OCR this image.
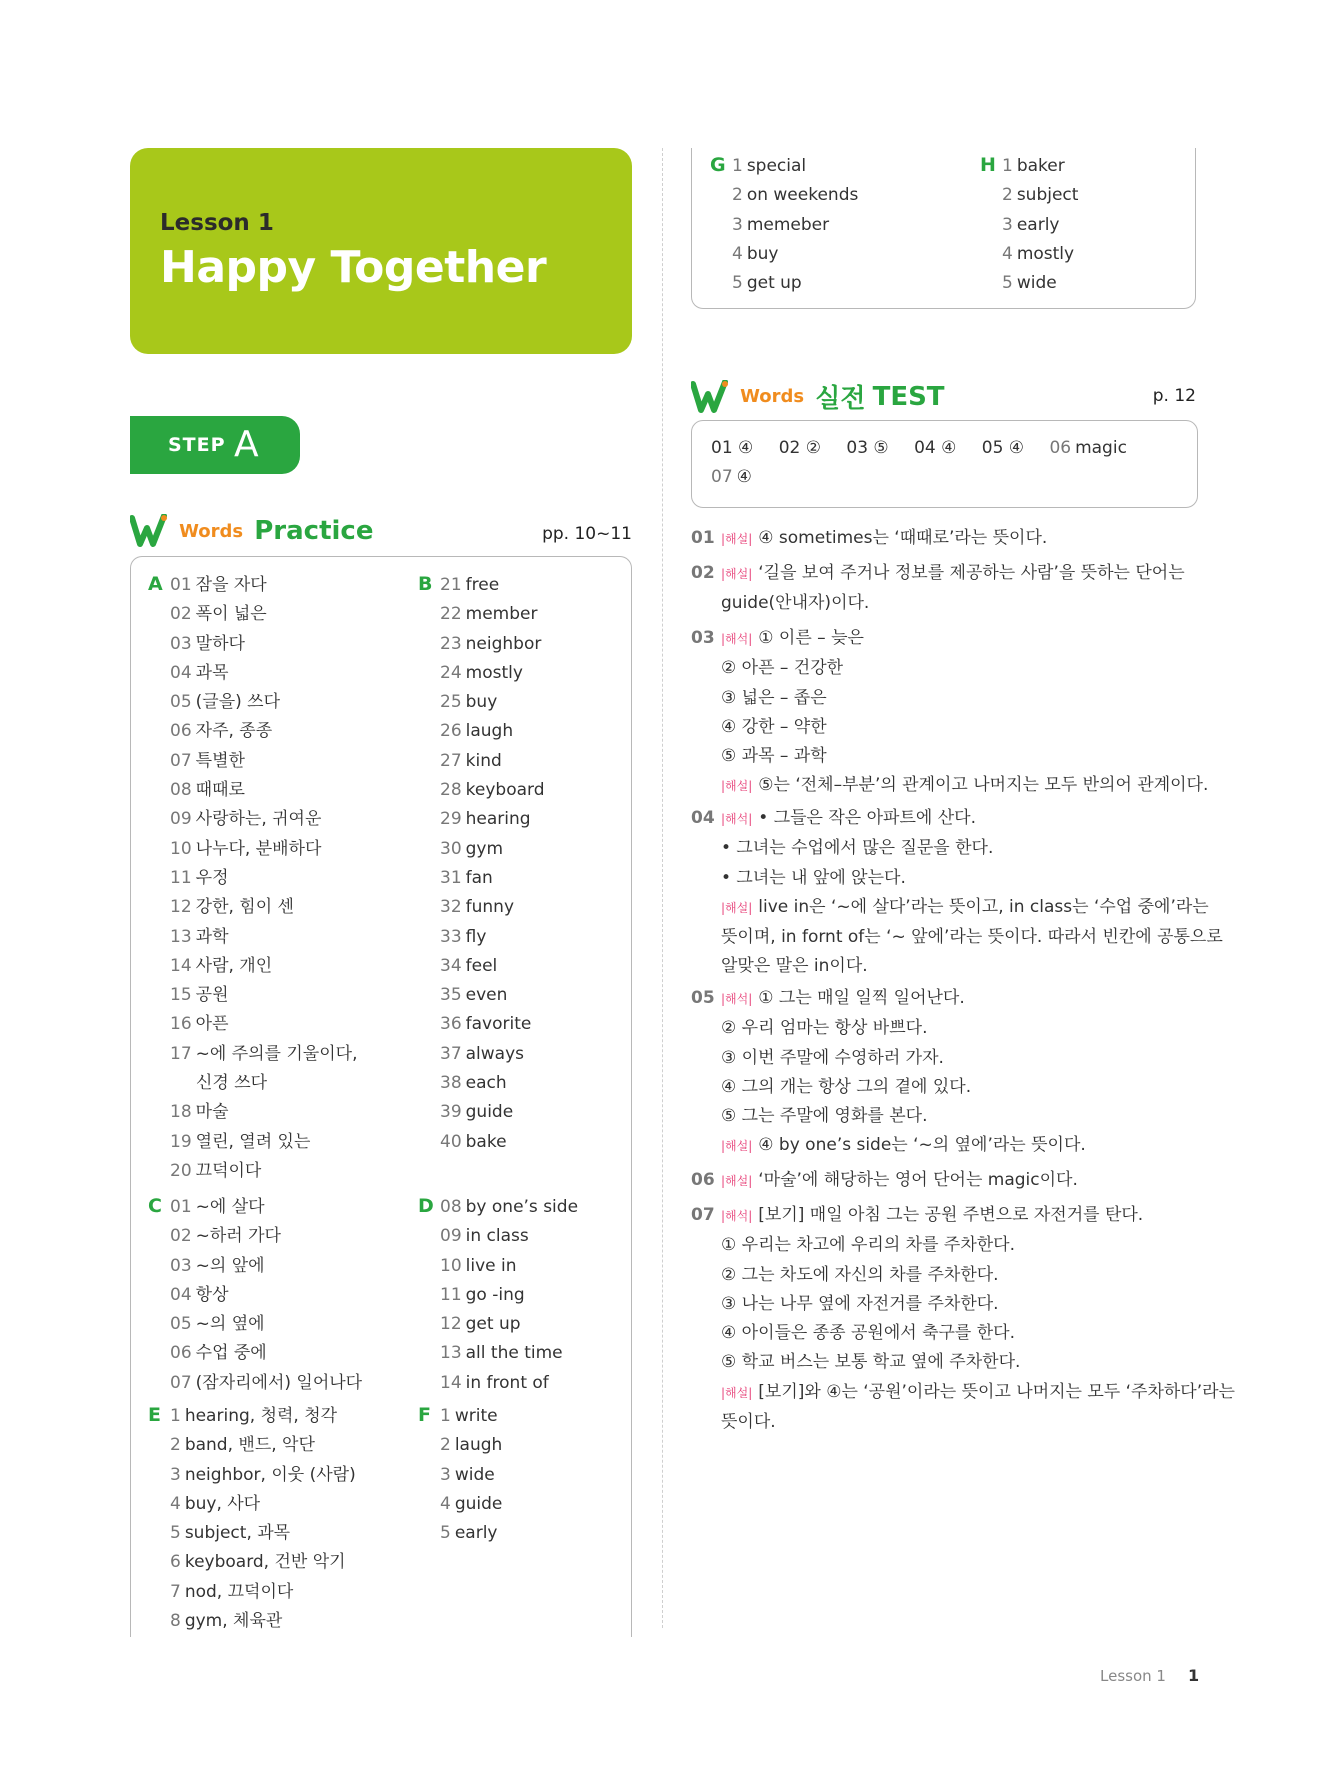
Lesson 1
Happy Together
STEP A
Words Practice	pp. 10~11
A 01 잠을 자다
02 폭이 넓은
03 말하다
04 과목
05 (글을) 쓰다
06 자주, 종종
07 특별한
08 때때로
09 사랑하는, 귀여운
10 나누다, 분배하다
11 우정
12 강한, 힘이 센
13 과학
14 사람, 개인
15 공원
16 아픈
17 ~에 주의를 기울이다,
신경 쓰다
18 마술
19 열린, 열려 있는
20 끄덕이다
B 21 free
22 member
23 neighbor
24 mostly
25 buy
26 laugh
27 kind
28 keyboard
29 hearing
30 gym
31 fan
32 funny
33 fly
34 feel
35 even
36 favorite
37 always
38 each
39 guide
40 bake
C 01 ~에 살다
02 ~하러 가다
03 ~의 앞에
04 항상
05 ~의 옆에
06 수업 중에
07 (잠자리에서) 일어나다
D 08 by one’s side
09 in class
10 live in
11 go -ing
12 get up
13 all the time
14 in front of
E 1 hearing, 청력, 청각
2 band, 밴드, 악단
3 neighbor, 이웃 (사람)
4 buy, 사다
5 subject, 과목
6 keyboard, 건반 악기
7 nod, 끄덕이다
8 gym, 체육관
F 1 write
2 laugh
3 wide
4 guide
5 early
G 1 special
2 on weekends
3 memeber
4 buy
5 get up
H 1 baker
2 subject
3 early
4 mostly
5 wide
Words 실전 TEST	p. 12
01 ④ 02 ② 03 ⑤ 04 ④ 05 ④ 06 magic
07 ④
01 |해설| ④ sometimes는 ‘때때로’라는 뜻이다.
02 |해설| ‘길을 보여 주거나 정보를 제공하는 사람’을 뜻하는 단어는
guide(안내자)이다.
03 |해석| ① 이른 – 늦은
② 아픈 – 건강한
③ 넓은 – 좁은
④ 강한 – 약한
⑤ 과목 – 과학
|해설| ⑤는 ‘전체–부분’의 관계이고 나머지는 모두 반의어 관계이다.
04 |해석| • 그들은 작은 아파트에 산다.
• 그녀는 수업에서 많은 질문을 한다.
• 그녀는 내 앞에 앉는다.
|해설| live in은 ‘~에 살다’라는 뜻이고, in class는 ‘수업 중에’라는
뜻이며, in fornt of는 ‘~ 앞에’라는 뜻이다. 따라서 빈칸에 공통으로
알맞은 말은 in이다.
05 |해석| ① 그는 매일 일찍 일어난다.
② 우리 엄마는 항상 바쁘다.
③ 이번 주말에 수영하러 가자.
④ 그의 개는 항상 그의 곁에 있다.
⑤ 그는 주말에 영화를 본다.
|해설| ④ by one’s side는 ‘~의 옆에’라는 뜻이다.
06 |해설| ‘마술’에 해당하는 영어 단어는 magic이다.
07 |해석| [보기] 매일 아침 그는 공원 주변으로 자전거를 탄다.
① 우리는 차고에 우리의 차를 주차한다.
② 그는 차도에 자신의 차를 주차한다.
③ 나는 나무 옆에 자전거를 주차한다.
④ 아이들은 종종 공원에서 축구를 한다.
⑤ 학교 버스는 보통 학교 옆에 주차한다.
|해설| [보기]와 ④는 ‘공원’이라는 뜻이고 나머지는 모두 ‘주차하다’라는
뜻이다.
Lesson 1 1
